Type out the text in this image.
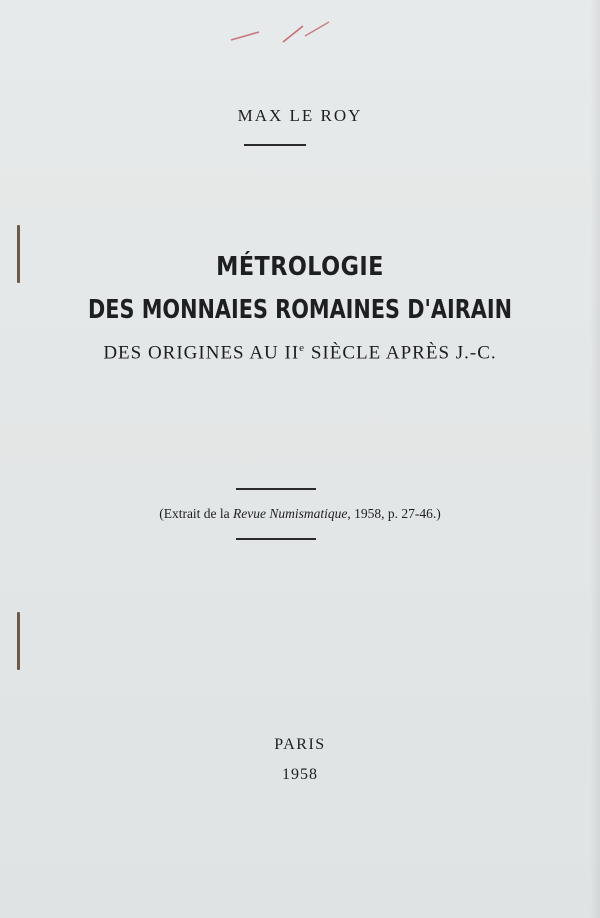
MAX LE ROY
MÉTROLOGIE
DES MONNAIES ROMAINES D'AIRAIN
DES ORIGINES AU IIe SIÈCLE APRÈS J.-C.
(Extrait de la Revue Numismatique, 1958, p. 27-46.)
PARIS
1958
